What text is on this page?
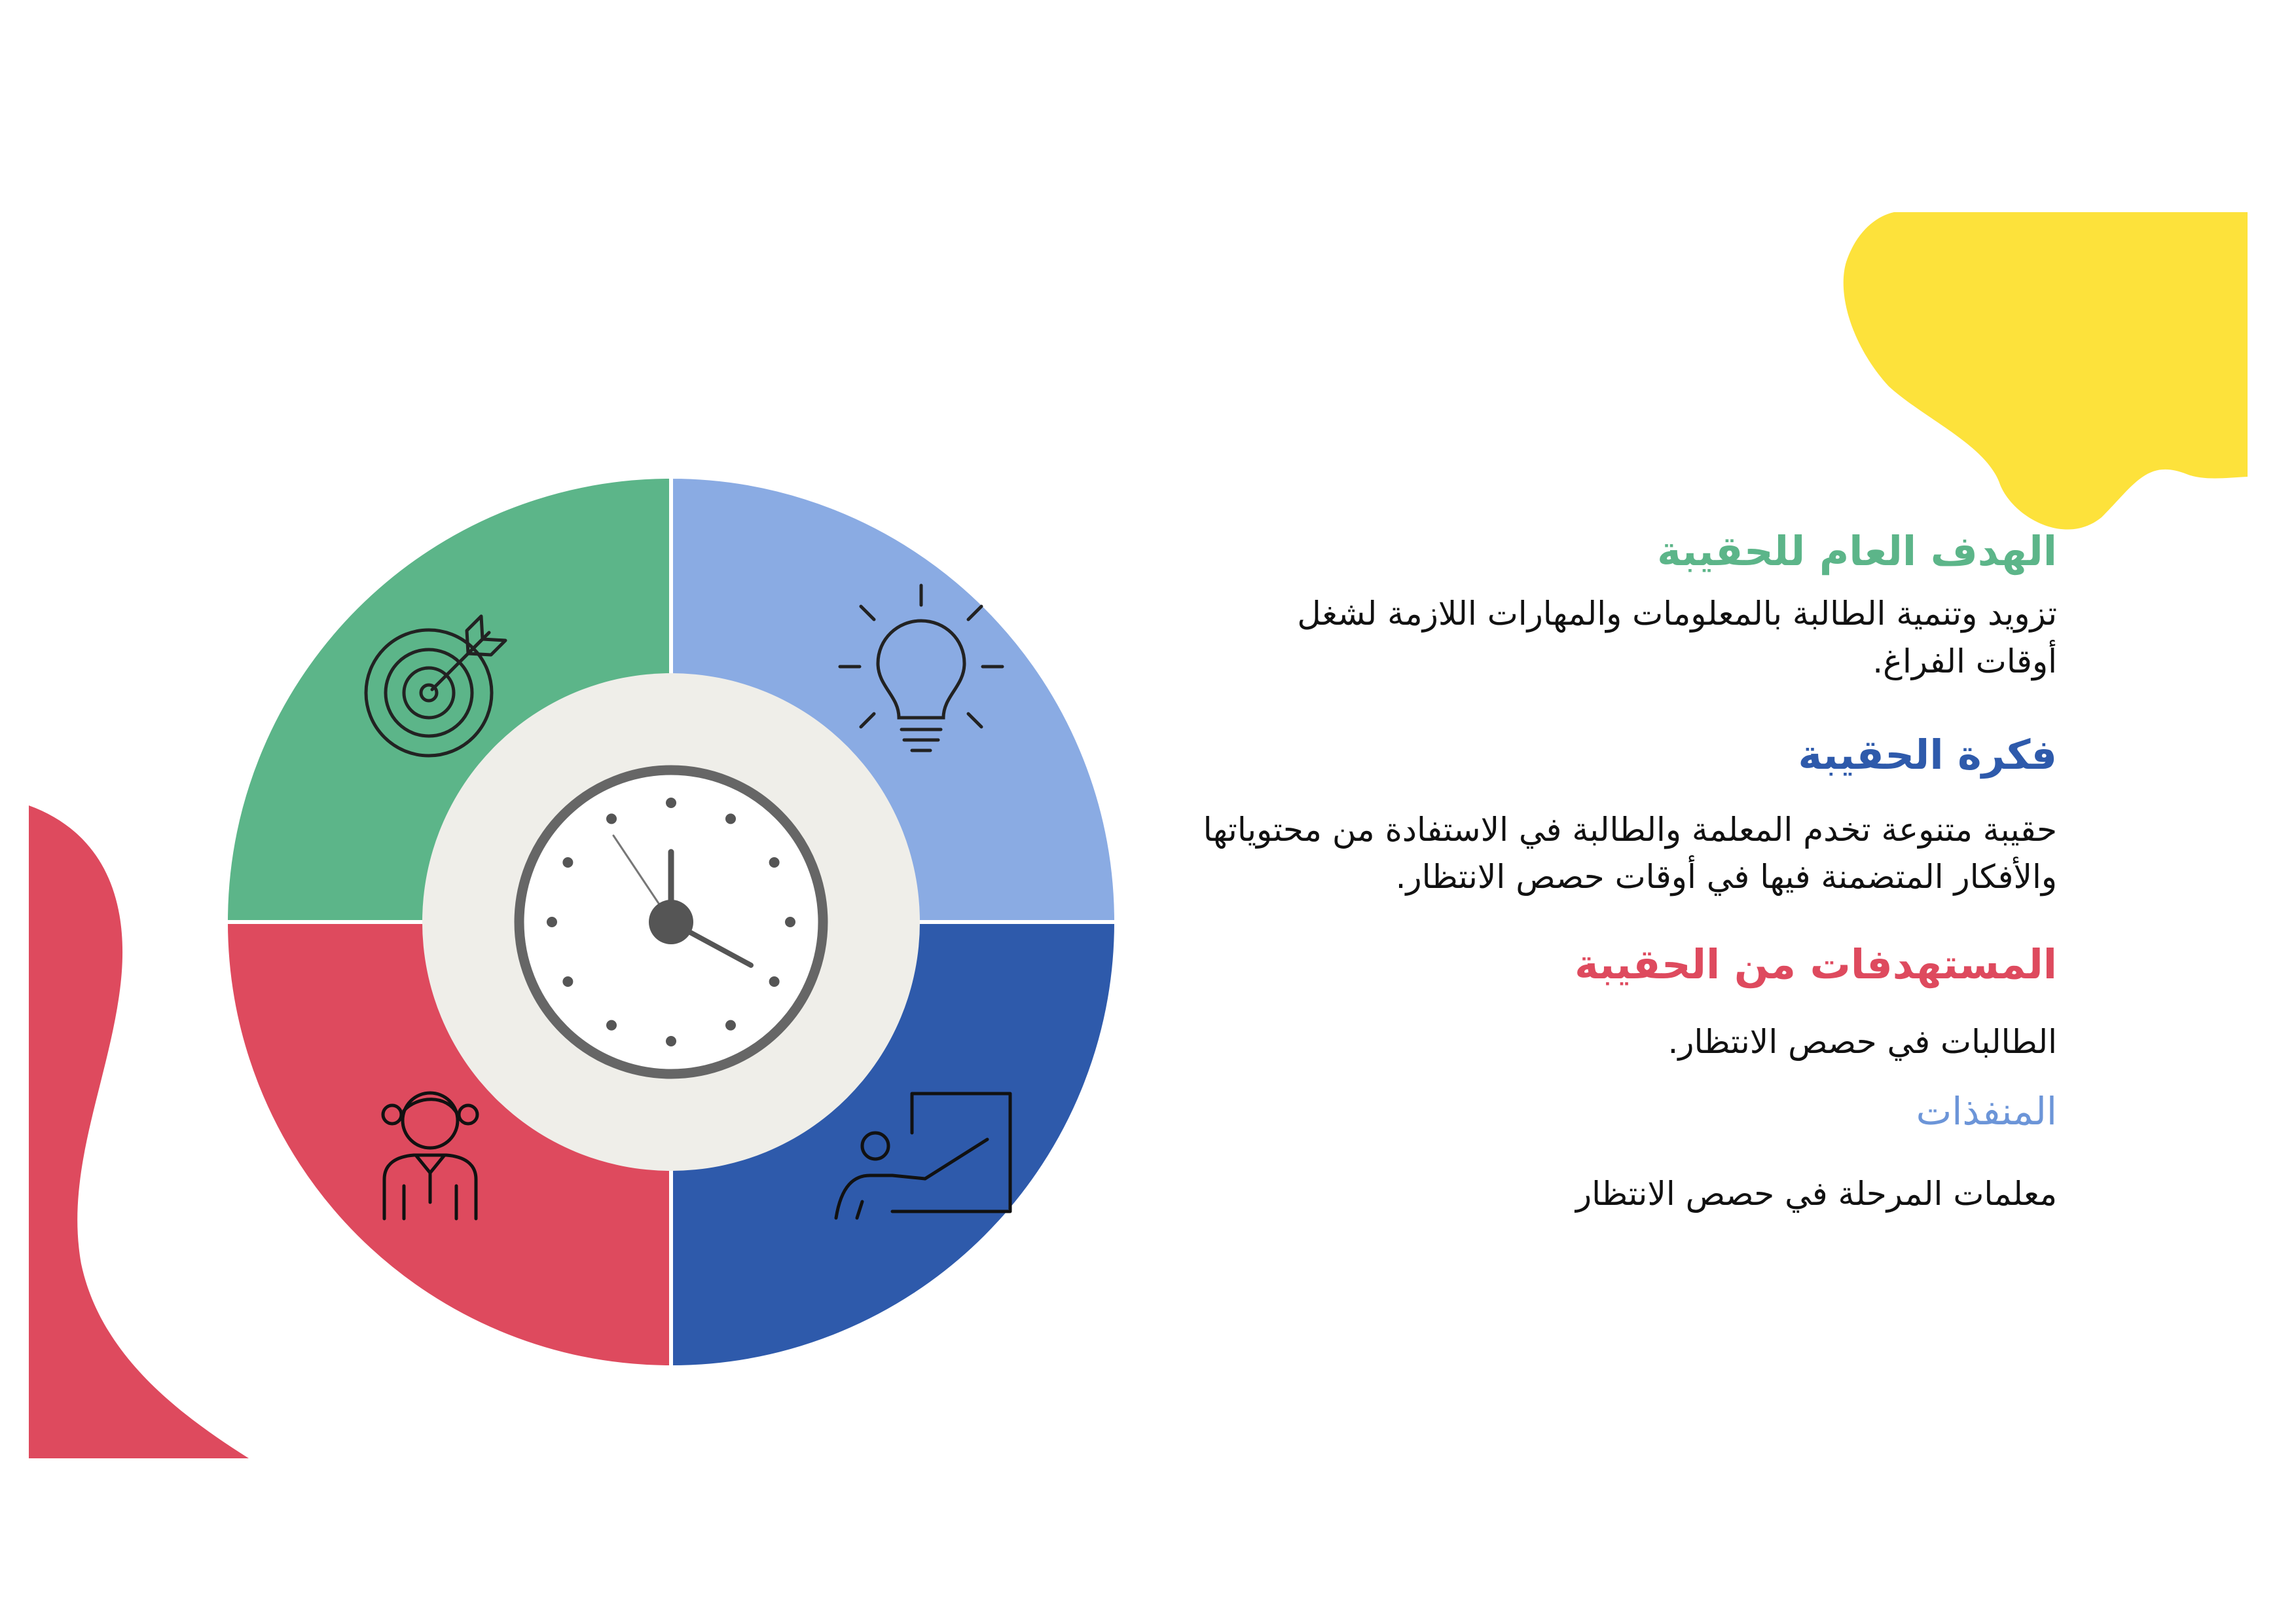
الهدف العام للحقيبة

تزويد وتنمية الطالبة بالمعلومات والمهارات اللازمة لشغل أوقات الفراغ.

فكرة الحقيبة

حقيبة متنوعة تخدم المعلمة والطالبة في الاستفادة من محتوياتها والأفكار المتضمنة فيها في أوقات حصص الانتظار.

المستهدفات من الحقيبة

الطالبات في حصص الانتظار.

المنفذات

معلمات المرحلة في حصص الانتظار
